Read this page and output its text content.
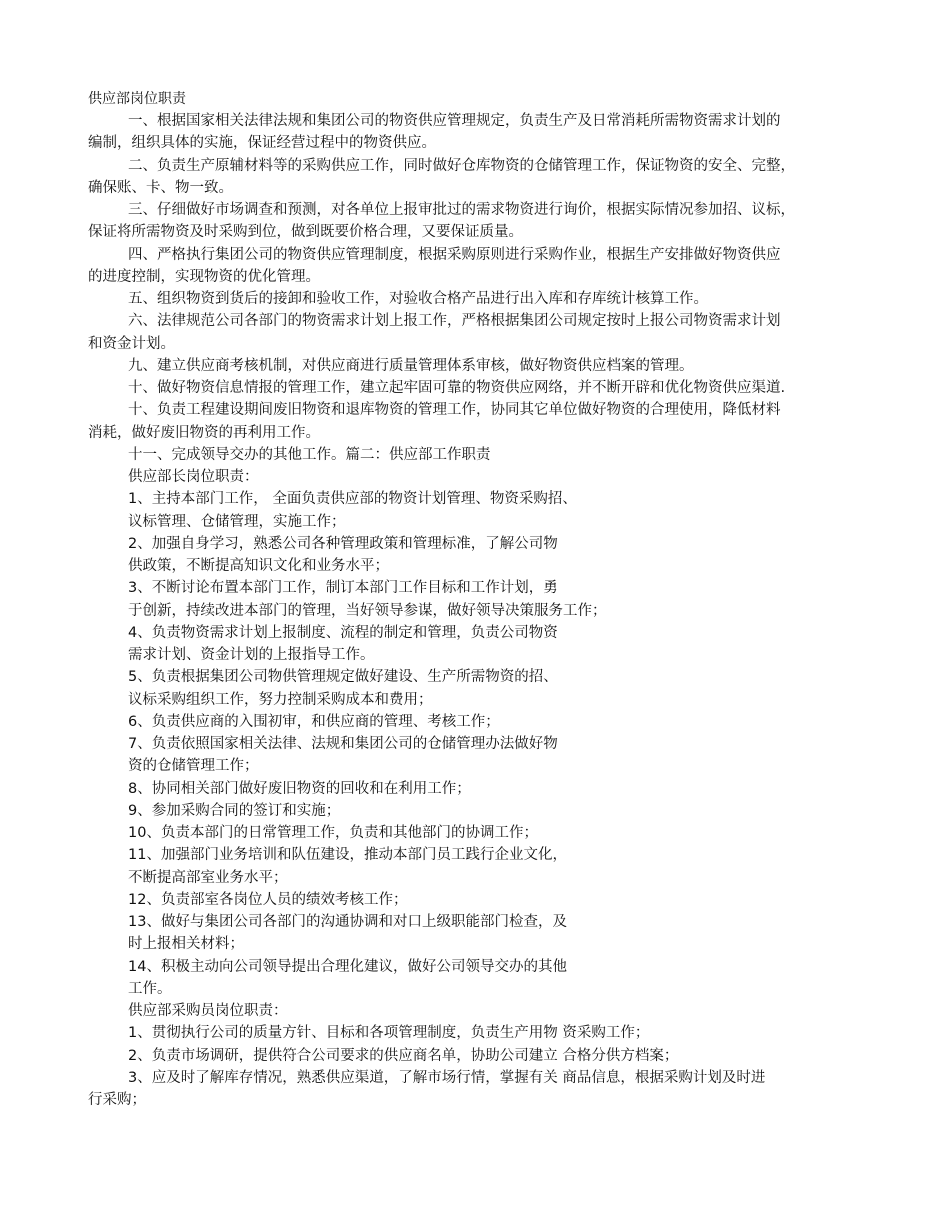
供应部岗位职责
一、根据国家相关法律法规和集团公司的物资供应管理规定，负责生产及日常消耗所需物资需求计划的
编制，组织具体的实施，保证经营过程中的物资供应。
二、负责生产原辅材料等的采购供应工作，同时做好仓库物资的仓储管理工作，保证物资的安全、完整，
确保账、卡、物一致。
三、仔细做好市场调查和预测，对各单位上报审批过的需求物资进行询价，根据实际情况参加招、议标，
保证将所需物资及时采购到位，做到既要价格合理，又要保证质量。
四、严格执行集团公司的物资供应管理制度，根据采购原则进行采购作业，根据生产安排做好物资供应
的进度控制，实现物资的优化管理。
五、组织物资到货后的接卸和验收工作，对验收合格产品进行出入库和存库统计核算工作。
六、法律规范公司各部门的物资需求计划上报工作，严格根据集团公司规定按时上报公司物资需求计划
和资金计划。
九、建立供应商考核机制，对供应商进行质量管理体系审核，做好物资供应档案的管理。
十、做好物资信息情报的管理工作，建立起牢固可靠的物资供应网络，并不断开辟和优化物资供应渠道.
十、负责工程建设期间废旧物资和退库物资的管理工作，协同其它单位做好物资的合理使用，降低材料
消耗，做好废旧物资的再利用工作。
十一、完成领导交办的其他工作。篇二：供应部工作职责
供应部长岗位职责：
1、主持本部门工作， 全面负责供应部的物资计划管理、物资采购招、
议标管理、仓储管理，实施工作；
2、加强自身学习，熟悉公司各种管理政策和管理标准，了解公司物
供政策，不断提高知识文化和业务水平；
3、不断讨论布置本部门工作，制订本部门工作目标和工作计划，勇
于创新，持续改进本部门的管理，当好领导参谋，做好领导决策服务工作；
4、负责物资需求计划上报制度、流程的制定和管理，负责公司物资
需求计划、资金计划的上报指导工作。
5、负责根据集团公司物供管理规定做好建设、生产所需物资的招、
议标采购组织工作，努力控制采购成本和费用；
6、负责供应商的入围初审，和供应商的管理、考核工作；
7、负责依照国家相关法律、法规和集团公司的仓储管理办法做好物
资的仓储管理工作；
8、协同相关部门做好废旧物资的回收和在利用工作；
9、参加采购合同的签订和实施；
10、负责本部门的日常管理工作，负责和其他部门的协调工作；
11、加强部门业务培训和队伍建设，推动本部门员工践行企业文化，
不断提高部室业务水平；
12、负责部室各岗位人员的绩效考核工作；
13、做好与集团公司各部门的沟通协调和对口上级职能部门检查，及
时上报相关材料；
14、积极主动向公司领导提出合理化建议，做好公司领导交办的其他
工作。
供应部采购员岗位职责：
1、贯彻执行公司的质量方针、目标和各项管理制度，负责生产用物 资采购工作；
2、负责市场调研，提供符合公司要求的供应商名单，协助公司建立 合格分供方档案；
3、应及时了解库存情况，熟悉供应渠道，了解市场行情，掌握有关 商品信息，根据采购计划及时进
行采购；
